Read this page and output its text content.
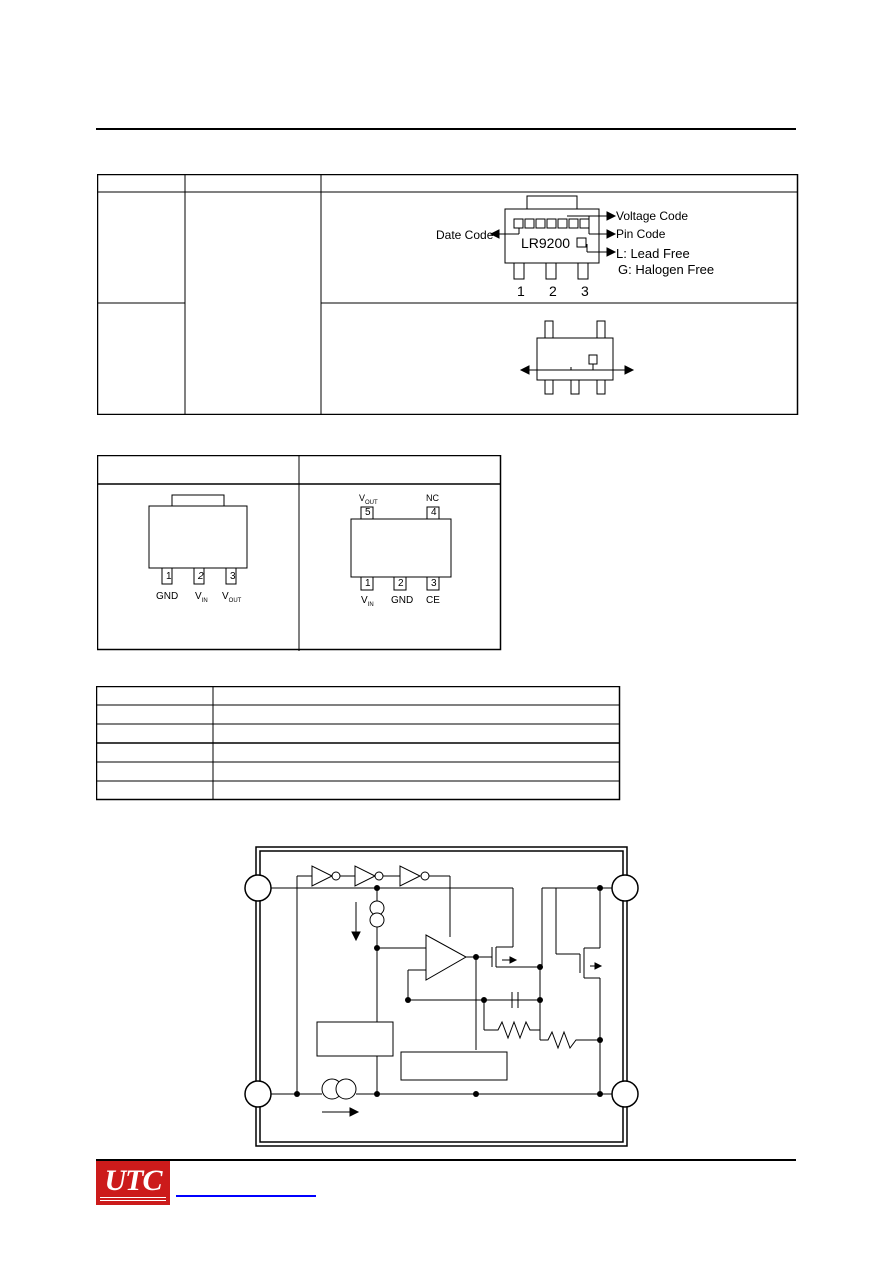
Date Code
Voltage Code
Pin Code
LR9200
L: Lead Free
G: Halogen Free
1 2 3
1	2	3
GND $V_{IN}$ $V_{OUT}$
5	4
$V_{OUT}$	NC
1	2	3
$V_{IN}$ GND CE
UTC
